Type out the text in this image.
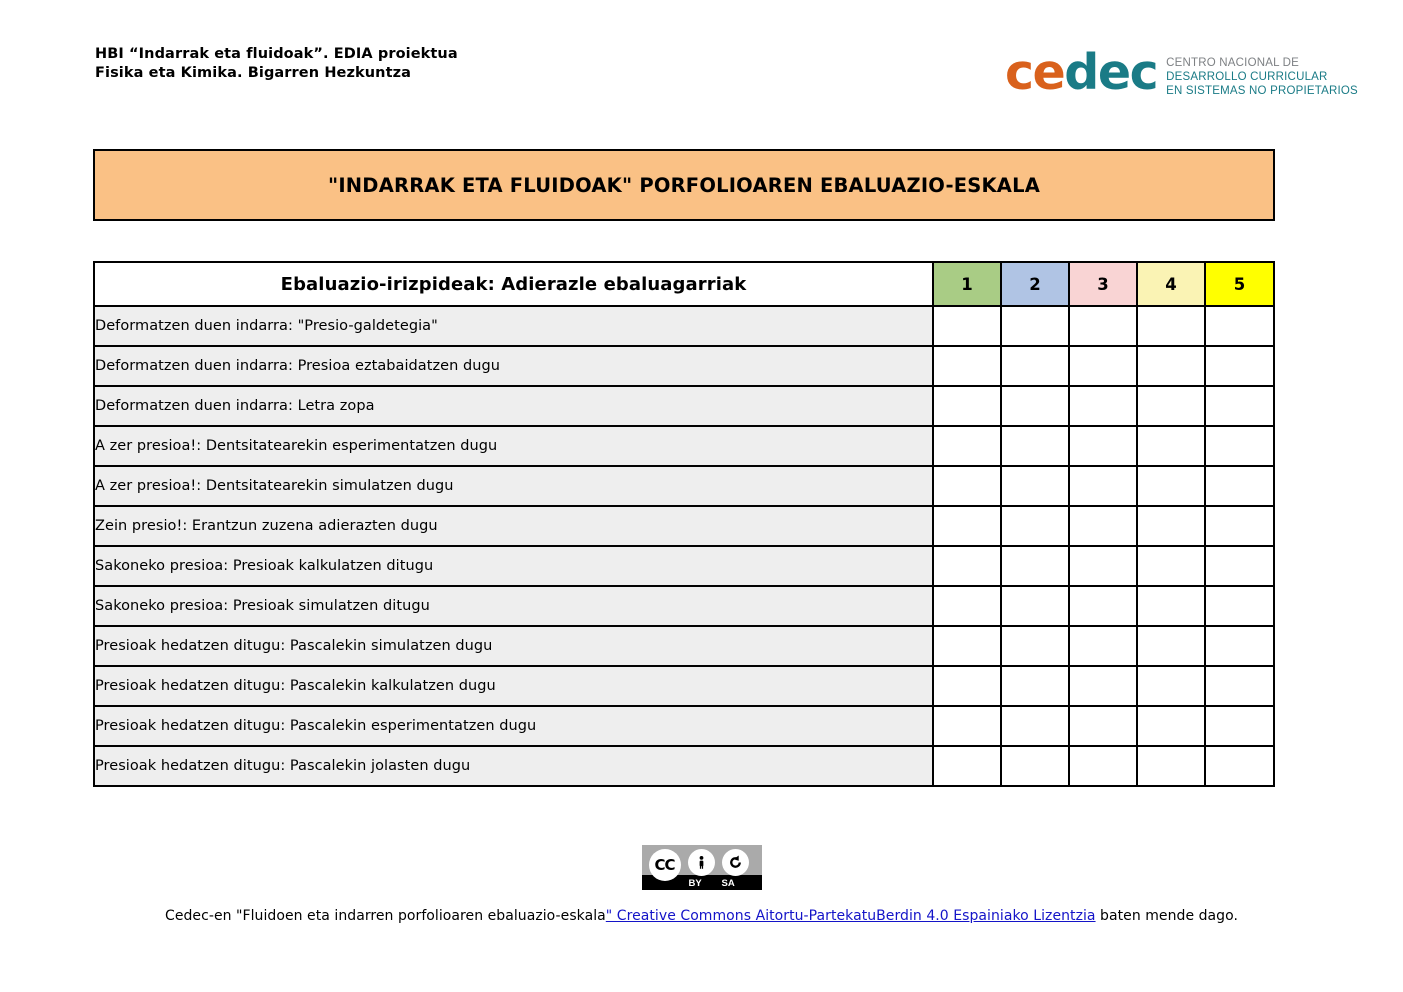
HBI “Indarrak eta fluidoak”. EDIA proiektua
Fisika eta Kimika. Bigarren Hezkuntza	cedec CENTRO NACIONAL DE
DESARROLLO CURRICULAR
EN SISTEMAS NO PROPIETARIOS
"INDARRAK ETA FLUIDOAK" PORFOLIOAREN EBALUAZIO-ESKALA
Ebaluazio-irizpideak: Adierazle ebaluagarriak	1	2	3	4	5
Deformatzen duen indarra: "Presio-galdetegia"					
Deformatzen duen indarra: Presioa eztabaidatzen dugu					
Deformatzen duen indarra: Letra zopa					
A zer presioa!: Dentsitatearekin esperimentatzen dugu					
A zer presioa!: Dentsitatearekin simulatzen dugu					
Zein presio!: Erantzun zuzena adierazten dugu					
Sakoneko presioa: Presioak kalkulatzen ditugu					
Sakoneko presioa: Presioak simulatzen ditugu					
Presioak hedatzen ditugu: Pascalekin simulatzen dugu					
Presioak hedatzen ditugu: Pascalekin kalkulatzen dugu					
Presioak hedatzen ditugu: Pascalekin esperimentatzen dugu					
Presioak hedatzen ditugu: Pascalekin jolasten dugu					
CC
BY SA
Cedec-en "Fluidoen eta indarren porfolioaren ebaluazio-eskala" Creative Commons Aitortu-PartekatuBerdin 4.0 Espainiako Lizentzia baten mende dago.
